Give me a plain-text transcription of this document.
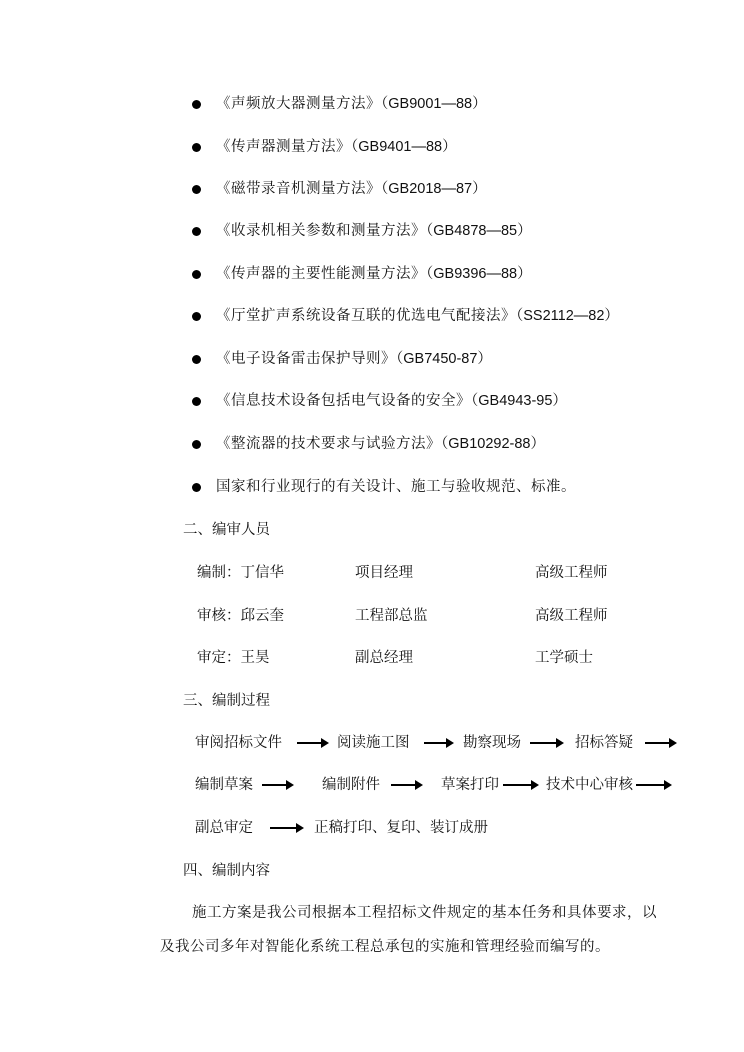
《声频放大器测量方法》（GB9001—88）
《传声器测量方法》（GB9401—88）
《磁带录音机测量方法》（GB2018—87）
《收录机相关参数和测量方法》（GB4878—85）
《传声器的主要性能测量方法》（GB9396—88）
《厅堂扩声系统设备互联的优选电气配接法》（SS2112—82）
《电子设备雷击保护导则》（GB7450-87）
《信息技术设备包括电气设备的安全》（GB4943-95）
《整流器的技术要求与试验方法》（GB10292-88）
国家和行业现行的有关设计、施工与验收规范、标准。
二、编审人员
编制：丁信华	项目经理	高级工程师
审核：邱云奎	工程部总监	高级工程师
审定：王昊	副总经理	工学硕士
三、编制过程
审阅招标文件	阅读施工图	勘察现场	招标答疑
编制草案	编制附件	草案打印	技术中心审核
副总审定	正稿打印、复印、装订成册
四、编制内容
施工方案是我公司根据本工程招标文件规定的基本任务和具体要求，以
及我公司多年对智能化系统工程总承包的实施和管理经验而编写的。
